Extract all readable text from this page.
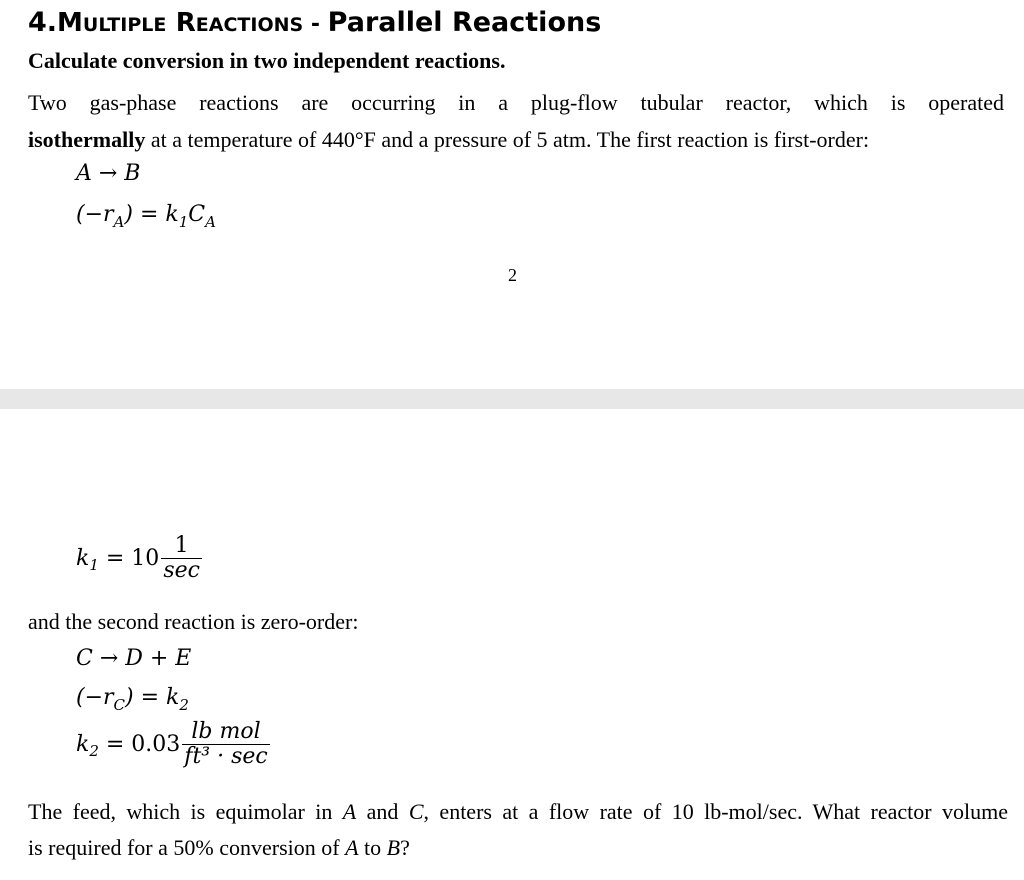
4.MULTIPLE REACTIONS - Parallel Reactions
Calculate conversion in two independent reactions.
Two gas-phase reactions are occurring in a plug-flow tubular reactor, which is operated
isothermally at a temperature of 440°F and a pressure of 5 atm. The first reaction is first-order:
A → B
$(-r_A) = k_1C_A$
2
k $1 = 10 \frac{1}{\sec}$
and the second reaction is zero-order:
C → D + E
$(-r_C) = k_2$
k $2 = 0.03 \frac{\text{lb mol}}{\text{ft³ · sec}}$
The feed, which is equimolar in A and C, enters at a flow rate of 10 lb-mol/sec. What reactor volume
is required for a 50% conversion of A to B?
